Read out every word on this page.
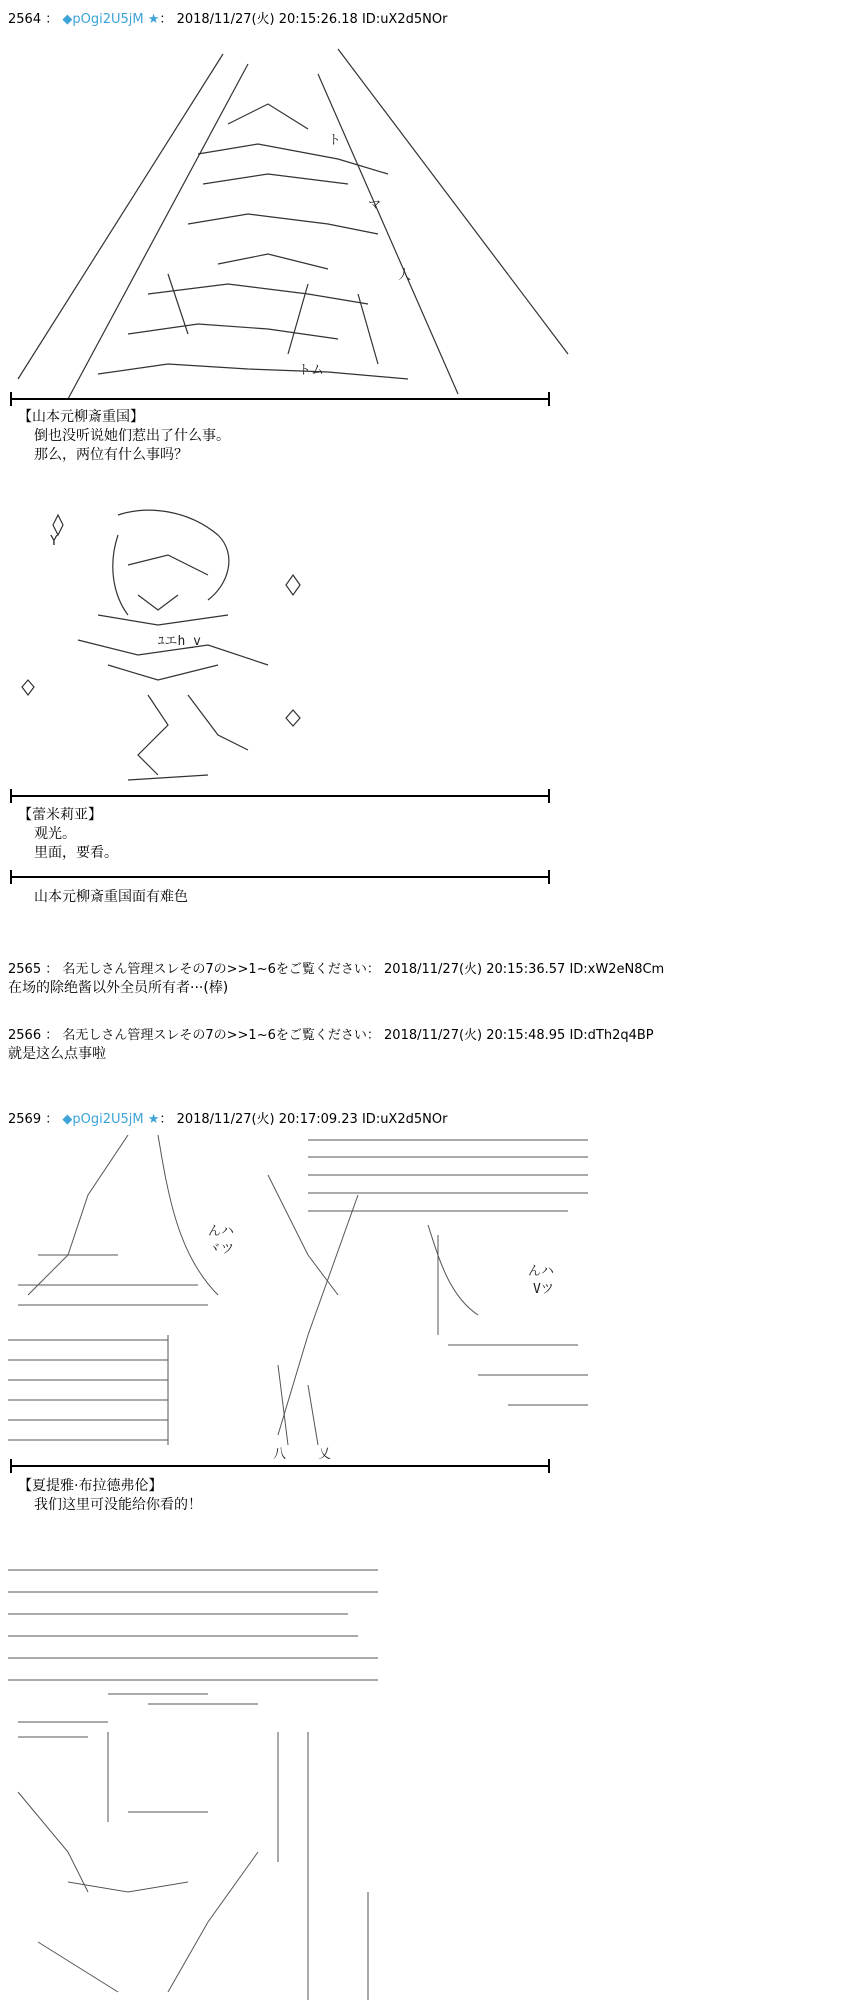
2564 ： ◆pOgi2U5jM ★： 2018/11/27(火) 20:15:26.18 ID:uX2d5NOr
ト
マ
人
トム
【山本元柳斎重国】
倒也没听说她们惹出了什么事。
那么，两位有什么事吗？
ﾕエh_v
Y
【蕾米莉亚】
观光。
里面，要看。
山本元柳斎重国面有难色
2565 ： 名无しさん管理スレその7の>>1~6をご覧ください： 2018/11/27(火) 20:15:36.57 ID:xW2eN8Cm
在场的除绝酱以外全员所有者···(棒)
2566 ： 名无しさん管理スレその7の>>1~6をご覧ください： 2018/11/27(火) 20:15:48.95 ID:dTh2q4BP
就是这么点事啦
2569 ： ◆pOgi2U5jM ★： 2018/11/27(火) 20:17:09.23 ID:uX2d5NOr
んハ
ヾツ
んハ
Vツ
八 乂
【夏提雅·布拉德弗伦】
我们这里可没能给你看的！
